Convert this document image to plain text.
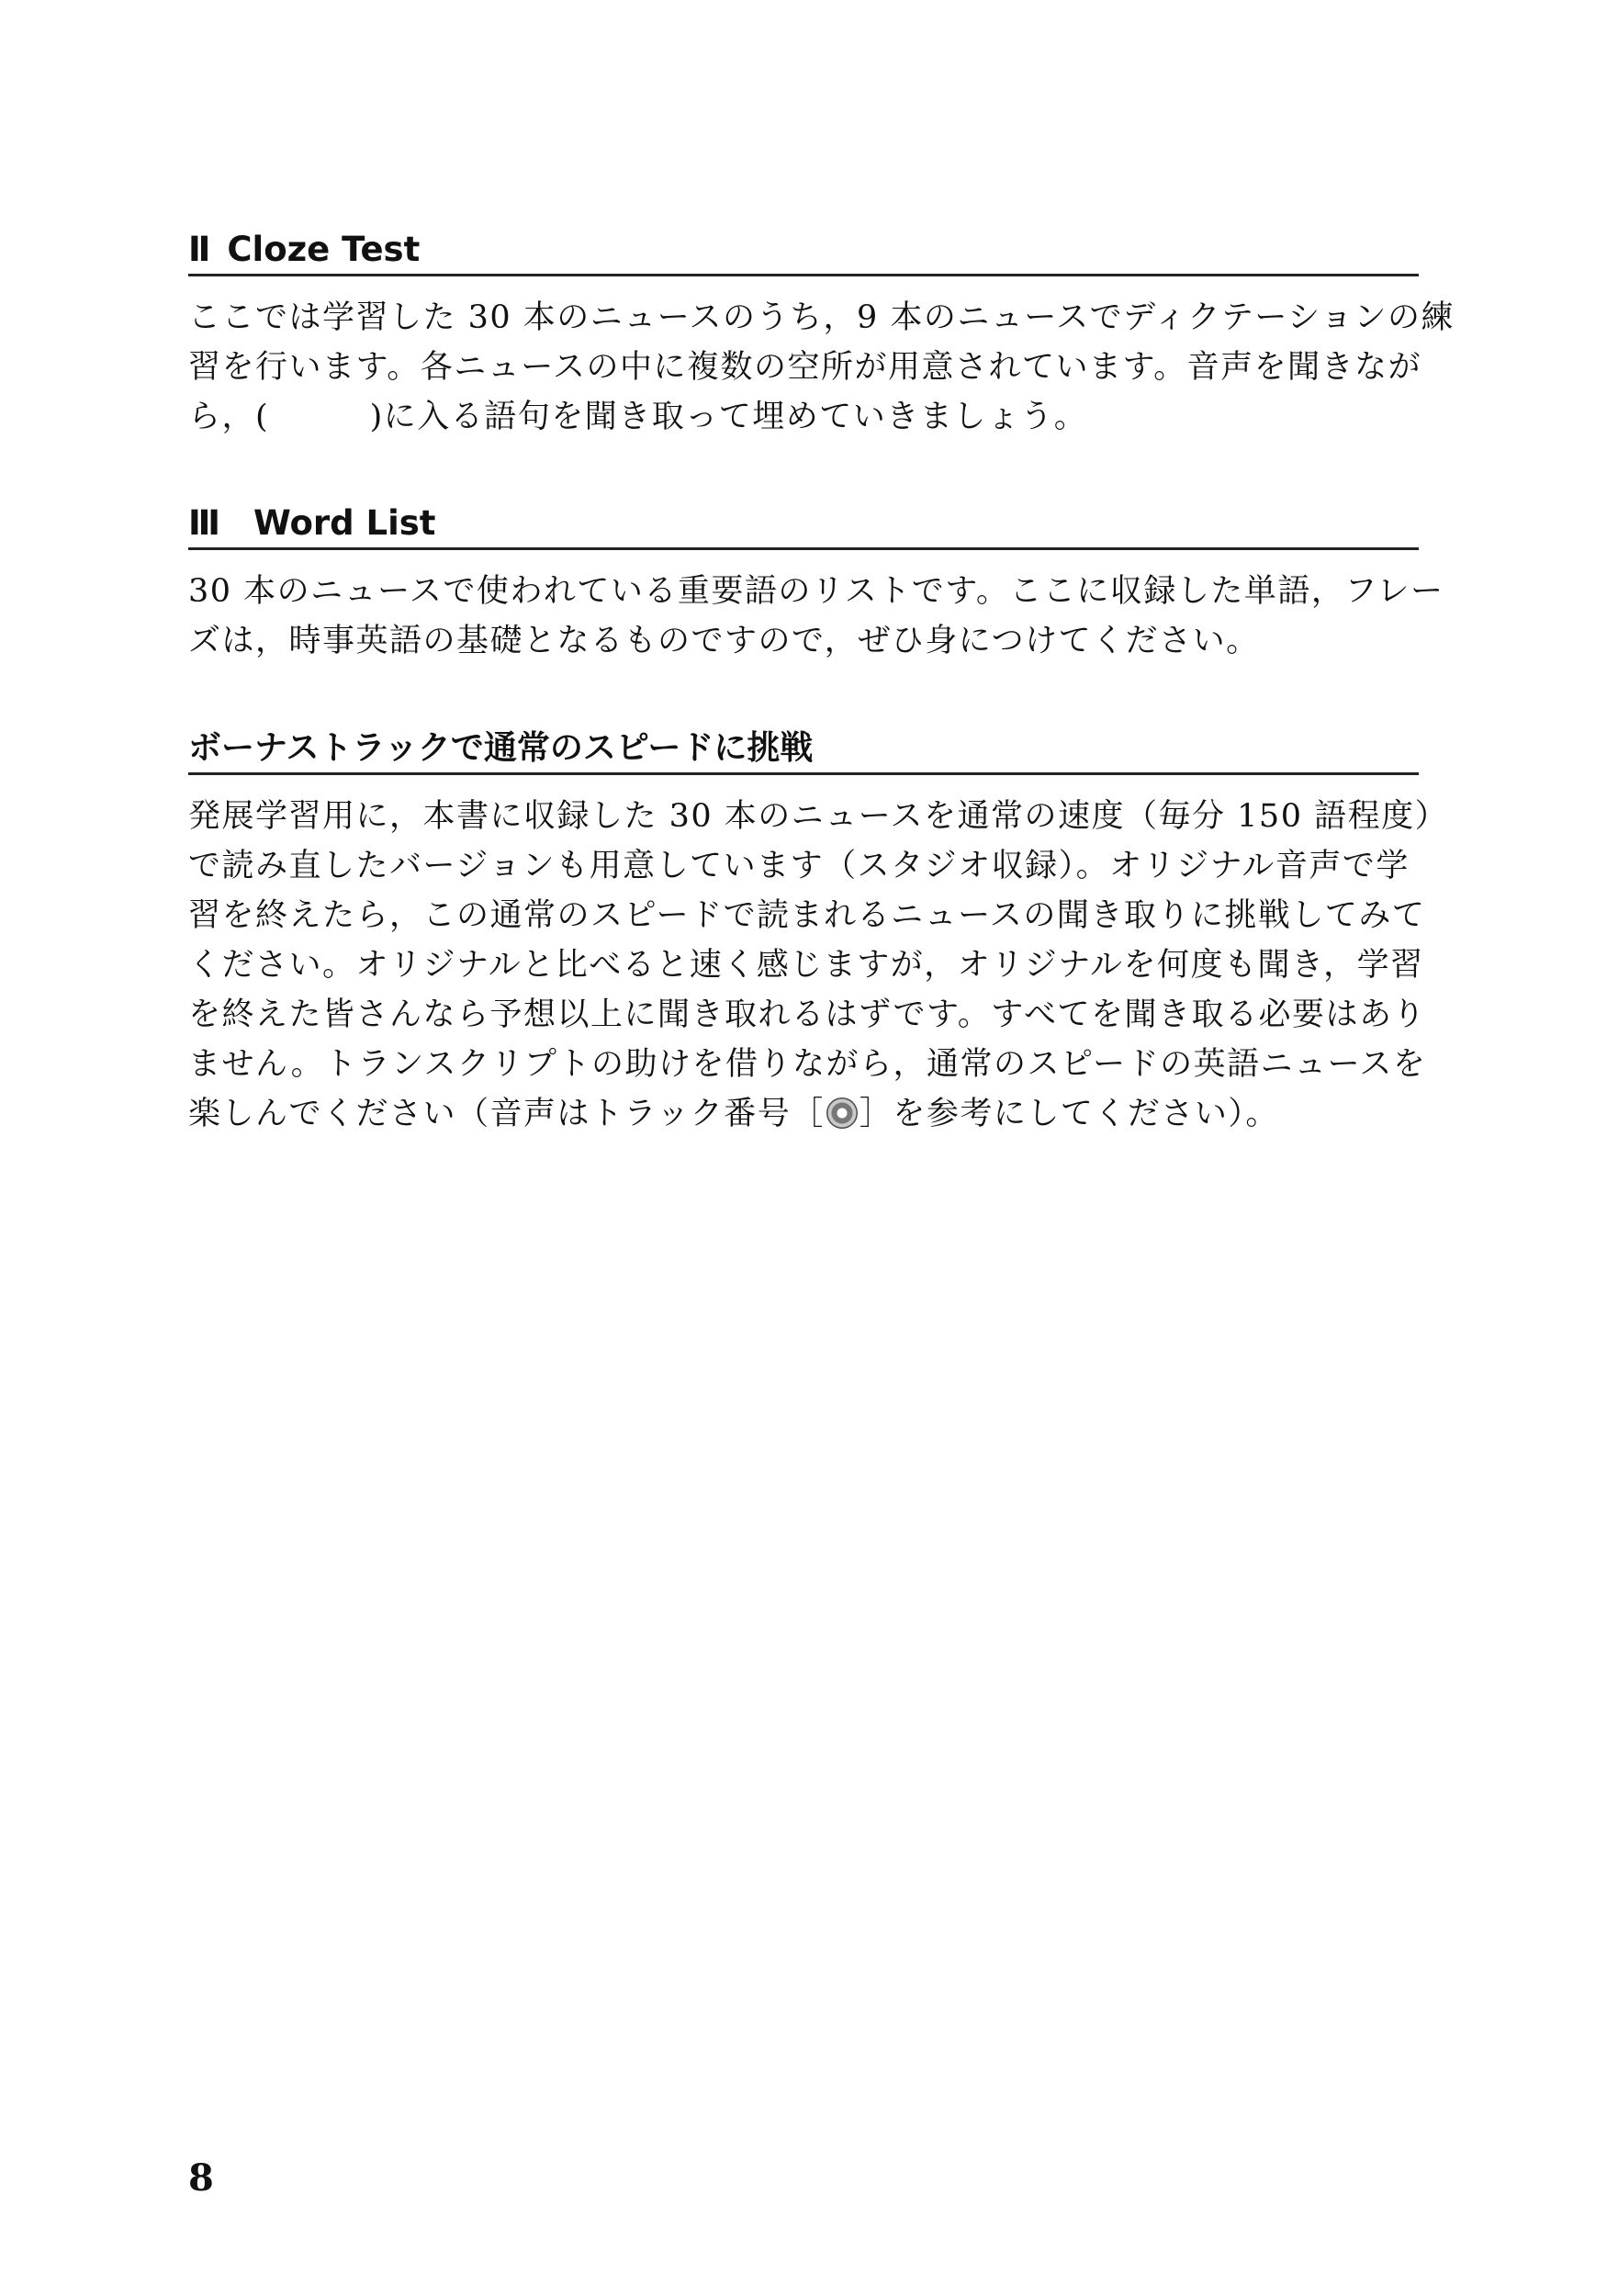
Ⅱ Cloze Test
ここでは学習した 30 本のニュースのうち，9 本のニュースでディクテーションの練
習を行います。各ニュースの中に複数の空所が用意されています。音声を聞きなが
ら，(　　　)に入る語句を聞き取って埋めていきましょう。
Ⅲ Word List
30 本のニュースで使われている重要語のリストです。ここに収録した単語，フレー
ズは，時事英語の基礎となるものですので，ぜひ身につけてください。
ボーナストラックで通常のスピードに挑戦
発展学習用に，本書に収録した 30 本のニュースを通常の速度（毎分 150 語程度）
で読み直したバージョンも用意しています（スタジオ収録）。オリジナル音声で学
習を終えたら，この通常のスピードで読まれるニュースの聞き取りに挑戦してみて
ください。オリジナルと比べると速く感じますが，オリジナルを何度も聞き，学習
を終えた皆さんなら予想以上に聞き取れるはずです。すべてを聞き取る必要はあり
ません。トランスクリプトの助けを借りながら，通常のスピードの英語ニュースを
楽しんでください（音声はトラック番号［ ］を参考にしてください）。
8
